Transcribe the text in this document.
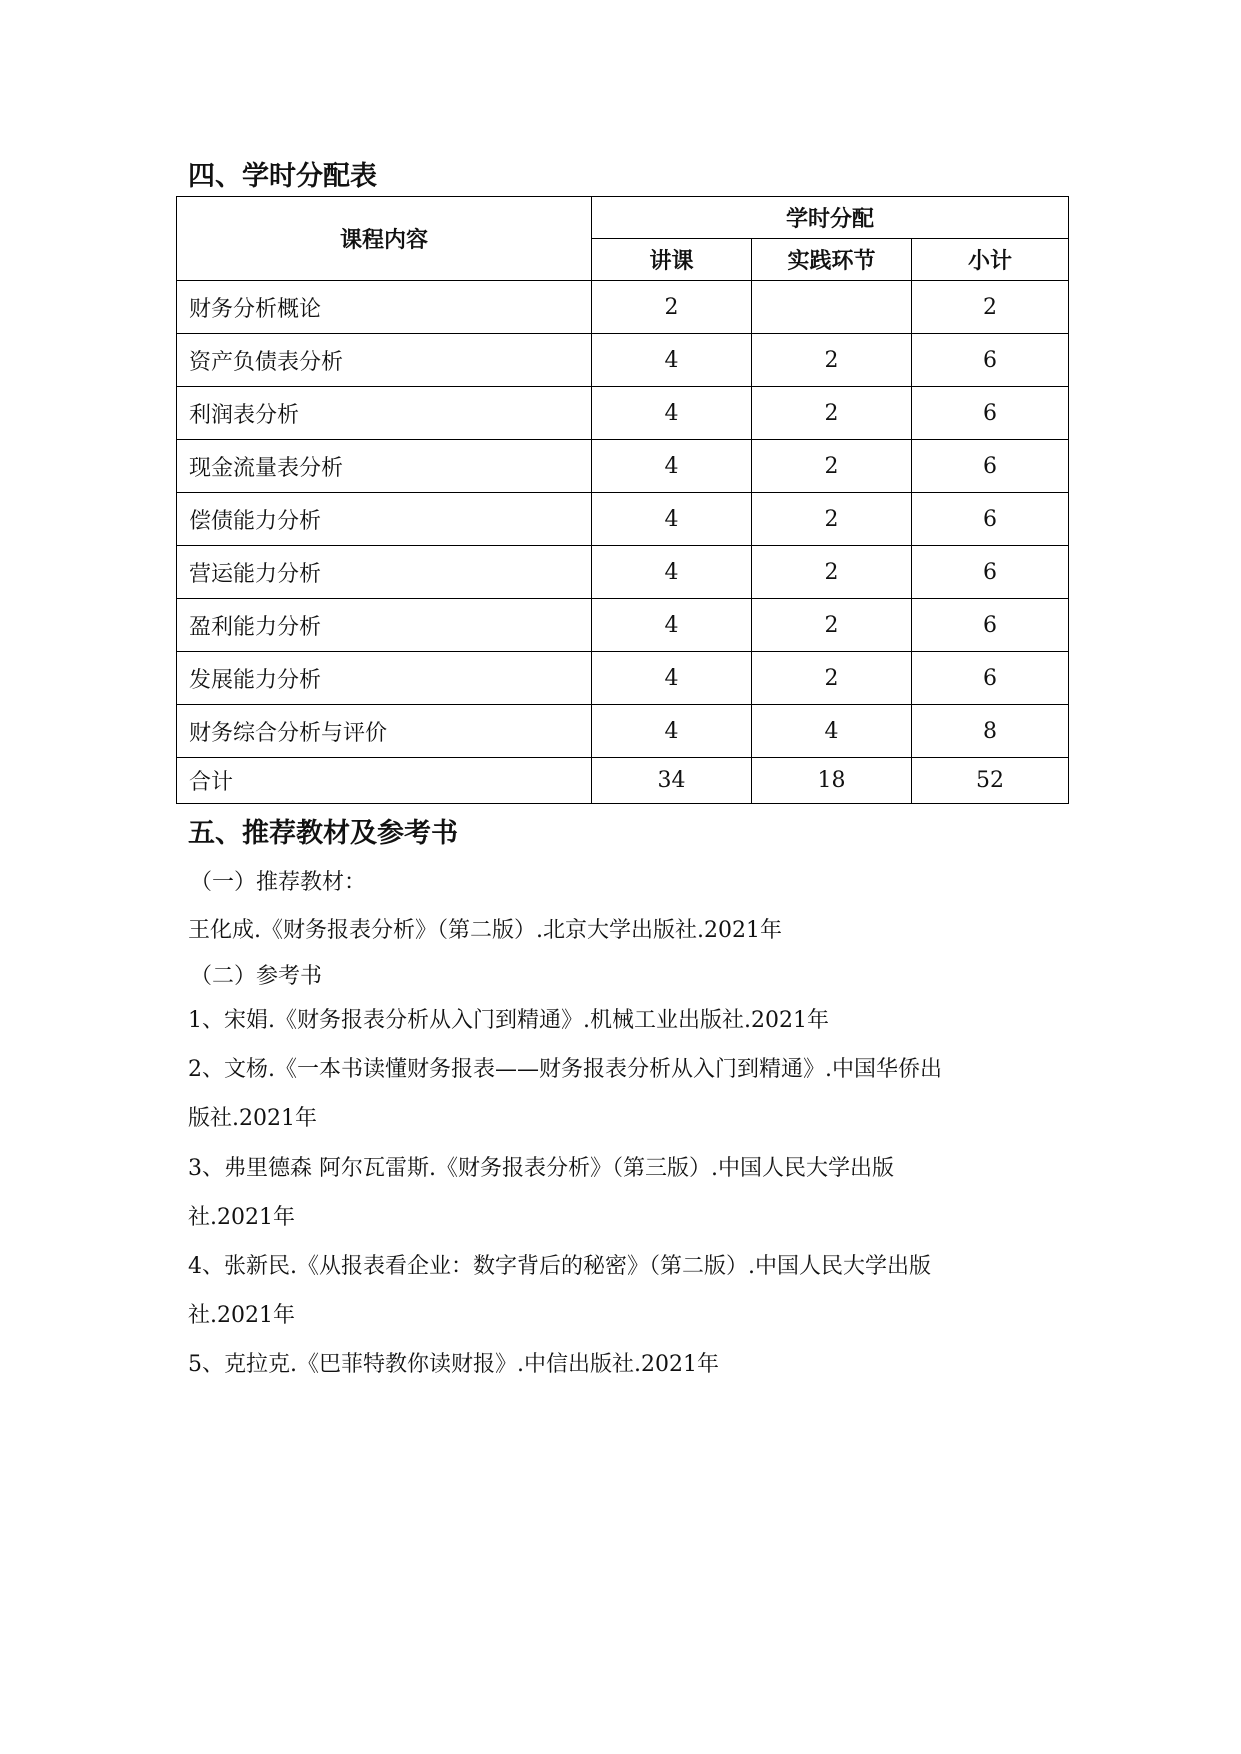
四、学时分配表
课程内容	学时分配		
	讲课	实践环节	小计
财务分析概论	2		2
资产负债表分析	4	2	6
利润表分析	4	2	6
现金流量表分析	4	2	6
偿债能力分析	4	2	6
营运能力分析	4	2	6
盈利能力分析	4	2	6
发展能力分析	4	2	6
财务综合分析与评价	4	4	8
合计	34	18	52
五、推荐教材及参考书

（一）推荐教材：

王化成.《财务报表分析》（第二版）.北京大学出版社.2021年

（二）参考书

1、宋娟.《财务报表分析从入门到精通》.机械工业出版社.2021年

2、文杨.《一本书读懂财务报表——财务报表分析从入门到精通》.中国华侨出

版社.2021年

3、弗里德森 阿尔瓦雷斯.《财务报表分析》（第三版）.中国人民大学出版

社.2021年

4、张新民.《从报表看企业：数字背后的秘密》（第二版）.中国人民大学出版

社.2021年

5、克拉克.《巴菲特教你读财报》.中信出版社.2021年
